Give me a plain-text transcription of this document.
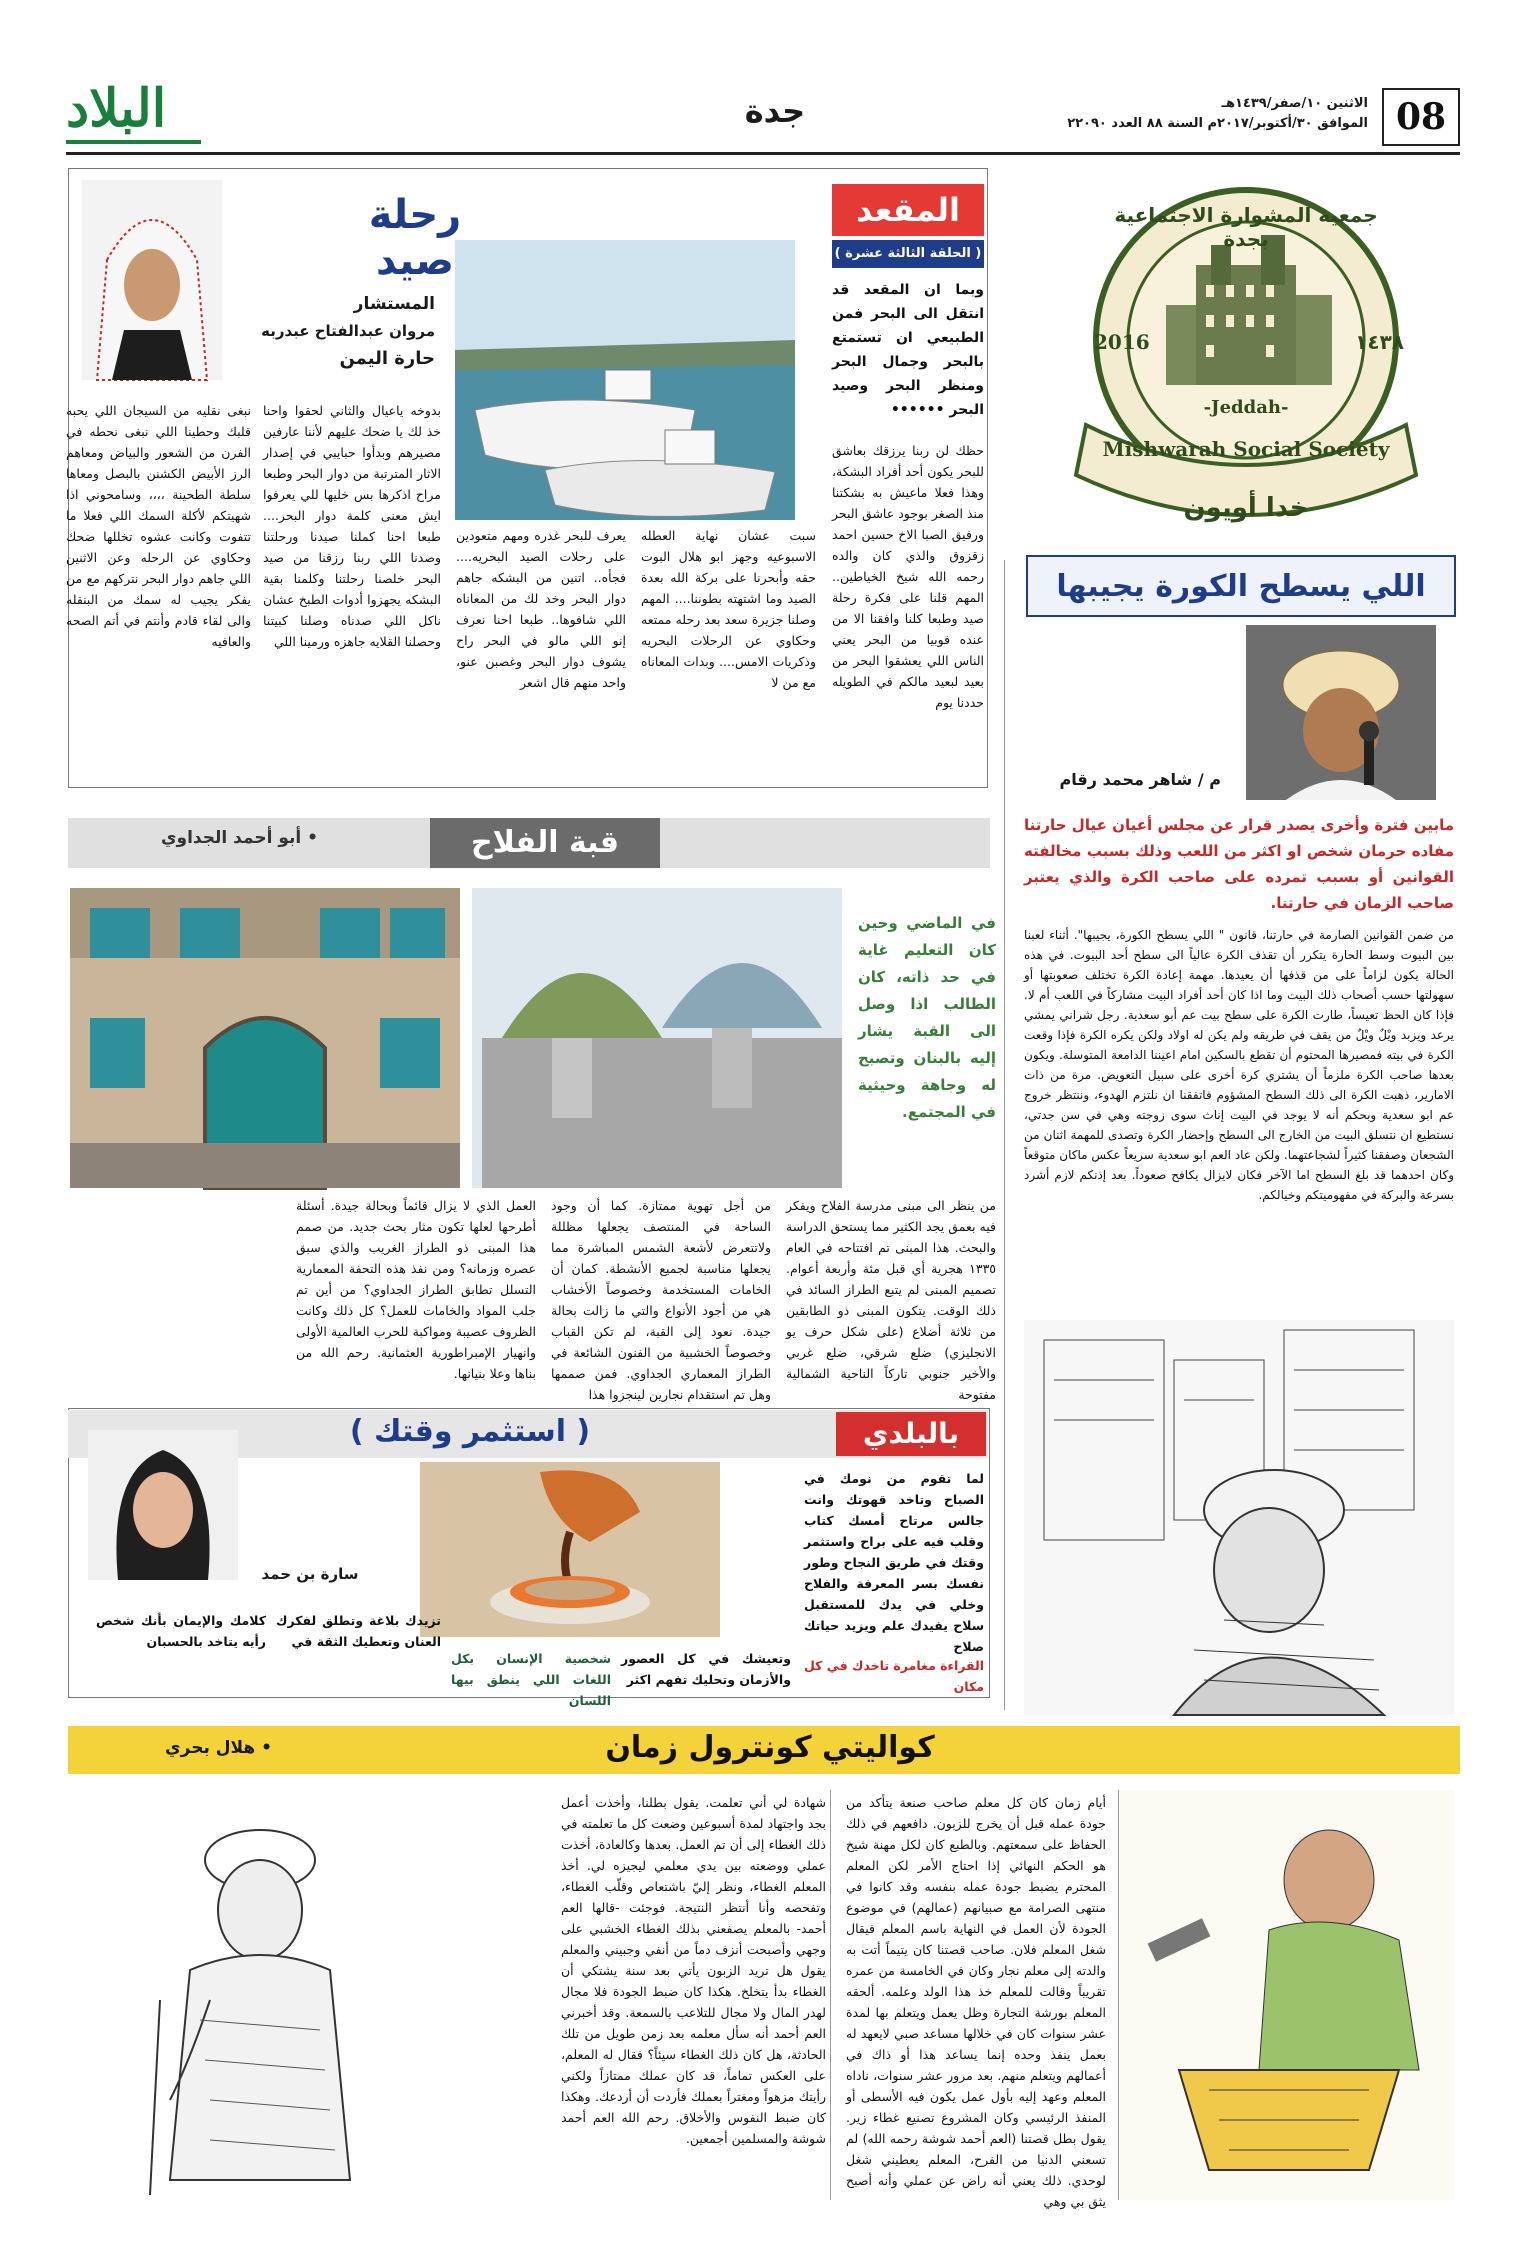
08
الاثنين ١٠/صفر/١٤٣٩هـ
الموافق ٣٠/أكتوبر/٢٠١٧م السنة ٨٨ العدد ٢٢٠٩٠
جدة
البلاد
جمعية المشوارة الاجتماعية بجدة
2016	١٤٣٨
-Jeddah-
Mishwarah Social Society
خدا أويون
المقعد
( الحلقة الثالثة عشرة )
وبما ان المقعد قد انتقل الى البحر فمن الطبيعي ان تستمتع بالبحر وجمال البحر ومنظر البحر وصيد البحر ••••••
حظك لن ربنا يرزقك بعاشق للبحر يكون أحد أفراد البشكة، وهذا فعلا ماعيش به بشكتنا منذ الصغر بوجود عاشق البحر ورفيق الصبا الاخ حسين احمد زقزوق والذي كان والده رحمه الله شيخ الخياطين.. المهم قلنا على فكرة رحلة صيد وطبعا كلنا وافقنا الا من عنده فوبيا من البحر يعني الناس اللي يعشقوا البحر من بعيد لبعيد مالكم في الطويله حددنا يوم
رحلة صيد
المستشار
مروان عبدالفتاح عبدربه
حارة اليمن
سبت عشان نهاية العطله الاسبوعيه وجهز ابو هلال البوت حقه وأبحرنا على بركة الله بعدة الصيد وما اشتهته بطوننا.... المهم وصلنا جزيرة سعد بعد رحله ممتعه وحكاوي عن الرحلات البحريه وذكريات الامس.... وبدات المعاناه مع من لا
يعرف للبحر غدره ومهم متعودين على رحلات الصيد البحريه.... فجأه.. اتنين من البشكه جاهم دوار البحر وخد لك من المعاناه اللي شافوها.. طبعا احنا نعرف إنو اللي مالو في البحر راح يشوف دوار البحر وغصبن عنو، واحد منهم قال اشعر
بدوخه ياعيال والثاني لحقوا واحنا خذ لك يا ضحك عليهم لأننا عارفين مصيرهم وبدأوا حبايبي في إصدار الاثار المترتبة من دوار البحر وطبعا مراح اذكرها بس خليها للي يعرفوا ايش معنى كلمة دوار البحر.... طبعا احنا كملنا صيدنا ورحلتنا وصدنا اللي ربنا رزقنا من صيد البحر خلصنا رحلتنا وكلمنا بقية البشكه يجهزوا أدوات الطبخ عشان ناكل اللي صدناه وصلنا كبيتنا وحصلنا القلايه جاهزه ورمينا اللي
نبغى نقليه من السيجان اللي يحبه قلبك وحطينا اللي نبغى نحطه في الفرن من الشعور والبياض ومعاهم الرز الأبيض الكشنن بالبصل ومعاها سلطة الطحينة ،،،، وسامحوني اذا شهيتكم لأكلة السمك اللي فعلا ما تتفوت وكانت عشوه تخللها ضحك وحكاوي عن الرحله وعن الاثنين اللي جاهم دوار البحر نتركهم مع من يفكر يجيب له سمك من البنقله والى لقاء قادم وأنتم في أتم الصحه والعافيه
اللي يسطح الكورة يجيبها
م / شاهر محمد رقام
مابين فترة وأخرى يصدر قرار عن مجلس أعيان عيال حارتنا مفاده حرمان شخص او اكثر من اللعب وذلك بسبب مخالفته القوانين أو بسبب تمرده على صاحب الكرة والذي يعتبر صاحب الزمان في حارتنا.
من ضمن القوانين الصارمة في حارتنا، قانون " اللي يسطح الكورة، يجيبها". أثناء لعبنا بين البيوت وسط الحارة يتكرر أن تقذف الكرة عالياً الى سطح أحد البيوت. في هذه الحالة يكون لزاماً على من قذفها أن يعيدها. مهمة إعادة الكرة تختلف صعوبتها أو سهولتها حسب أصحاب ذلك البيت وما اذا كان أحد أفراد البيت مشاركاً في اللعب أم لا. فإذا كان الحظ تعيساً، طارت الكرة على سطح بيت عم أبو سعدية. رجل شراني يمشي يرعد ويزبد ويْلٌ ويْلٌ من يقف في طريقه ولم يكن له اولاد ولكن يكره الكرة فإذا وقعت الكرة في بيته فمصيرها المحتوم أن تقطع بالسكين امام اعيننا الدامعة المتوسلة. ويكون بعدها صاحب الكرة ملزماً أن يشتري كرة أخرى على سبيل التعويض. مرة من ذات الامارير، ذهبت الكرة الى ذلك السطح المشؤوم فاتفقنا ان نلتزم الهدوء، وننتظر خروج عم ابو سعدية وبحكم أنه لا يوجد في البيت إناث سوى زوجته وهي في سن جدتي، نستطيع ان نتسلق البيت من الخارج الى السطح وإحضار الكرة وتصدى للمهمة اثنان من الشجعان وصفقنا كثيراً لشجاعتهما. ولكن عاد العم ابو سعدية سريعاً عكس ماكان متوقعاً وكان احدهما قد بلغ السطح اما الآخر فكان لايزال يكافح صعوداً. بعد إذنكم لازم أشرد بسرعة والبركة في مفهوميتكم وخيالكم.
قبة الفلاح
• أبو أحمد الجداوي
في الماضي وحين كان التعليم غاية في حد ذاته، كان الطالب اذا وصل الى القبة يشار إليه بالبنان وتصبح له وجاهة وحيثية في المجتمع.
من ينظر الى مبنى مدرسة الفلاح ويفكر فيه بعمق يجد الكثير مما يستحق الدراسة والبحث. هذا المبنى تم افتتاحه في العام ١٣٣٥ هجرية أي قبل مئة وأربعة أعوام. تصميم المبنى لم يتبع الطراز السائد في ذلك الوقت. يتكون المبنى ذو الطابقين من ثلاثة أضلاع (على شكل حرف يو الانجليزي) ضلع شرقي، ضلع غربي والأخير جنوبي تاركاً الناحية الشمالية مفتوحة
من أجل تهوية ممتازة. كما أن وجود الساحة في المنتصف يجعلها مظللة ولاتتعرض لأشعة الشمس المباشرة مما يجعلها مناسبة لجميع الأنشطة. كمان أن الخامات المستخدمة وخصوصاً الأخشاب هي من أجود الأنواع والتي ما زالت بحالة جيدة. نعود إلى القبة، لم تكن القباب وخصوصاً الخشبية من الفنون الشائعة في الطراز المعماري الجداوي. فمن صممها وهل تم استقدام نجارين لينجزوا هذا
العمل الذي لا يزال قائماً وبحالة جيدة. أسئلة أطرحها لعلها تكون مثار بحث جديد. من صمم هذا المبنى ذو الطراز الغريب والذي سبق عصره وزمانه؟ ومن نفذ هذه التحفة المعمارية التسلل تطابق الطراز الجداوي؟ من أين تم جلب المواد والخامات للعمل؟ كل ذلك وكانت الظروف عصيبة ومواكبة للحرب العالمية الأولى وانهيار الإمبراطورية العثمانية. رحم الله من بناها وعلا بنيانها.
بالبلدي
( استثمر وقتك )
لما تقوم من نومك في الصباح وتاخد قهوتك وانت جالس مرتاح أمسك كتاب وقلب فيه على براح واستثمر وقتك في طريق النجاح وطور نفسك بسر المعرفة والفلاح وخلي في يدك للمستقبل سلاح يفيدك علم ويزيد حياتك صلاح
سارة بن حمد
القراءة مغامرة تاخدك في كل مكان
وتعيشك في كل العصور والأزمان وتحليك تفهم اكثر
شخصية الإنسان بكل اللغات اللي ينطق بيها اللسان
تزيدك بلاغة وتطلق لفكرك العنان وتعطيك الثقة في
كلامك والإيمان بأنك شخص رأيه يتاخد بالحسبان
كواليتي كونترول زمان
• هلال بحري
أيام زمان كان كل معلم صاحب صنعة يتأكد من جودة عمله قبل أن يخرج للزبون. دافعهم في ذلك الحفاظ على سمعتهم. وبالطبع كان لكل مهنة شيخ هو الحكم النهائي إذا احتاج الأمر لكن المعلم المحترم يضبط جودة عمله بنفسه وقد كانوا في منتهى الصرامة مع صبيانهم (عمالهم) في موضوع الجودة لأن العمل في النهاية باسم المعلم فيقال شغل المعلم فلان. صاحب قصتنا كان يتيماً أتت به والدته إلى معلم نجار وكان في الخامسة من عمره تقريباً وقالت للمعلم خذ هذا الولد وعلمه. ألحقه المعلم بورشة التجارة وظل يعمل ويتعلم بها لمدة عشر سنوات كان في خلالها مساعد صبي لايعهد له بعمل ينفذ وحده إنما يساعد هذا أو ذاك في أعمالهم ويتعلم منهم. بعد مرور عشر سنوات، ناداه المعلم وعهد إليه بأول عمل يكون فيه الأسطى أو المنفذ الرئيسي وكان المشروع تصنيع غطاء زير. يقول بطل قصتنا (العم أحمد شوشة رحمه الله) لم تسعني الدنيا من الفرح، المعلم يعطيني شغل لوحدي. ذلك يعني أنه راض عن عملي وأنه أصبح يثق بي وهي
شهادة لي أني تعلمت. يقول بطلنا، وأخذت أعمل بجد واجتهاد لمدة أسبوعين وضعت كل ما تعلمته في ذلك الغطاء إلى أن تم العمل. بعدها وكالعادة، أخذت عملي ووضعته بين يدي معلمي ليجيزه لي. أخذ المعلم الغطاء، ونظر إليّ باشتعاص وقلّب الغطاء، وتفحصه وأنا أنتظر النتيجة. فوجئت -قالها العم أحمد- بالمعلم يصفعني بذلك الغطاء الخشبي على وجهي وأصبحت أنزف دماً من أنفي وجبيني والمعلم يقول هل تريد الزبون يأتي بعد سنة يشتكي أن الغطاء بدأ يتخلخ. هكذا كان ضبط الجودة فلا مجال لهدر المال ولا مجال للتلاعب بالسمعة. وقد أخبرني العم أحمد أنه سأل معلمه بعد زمن طويل من تلك الحادثة، هل كان ذلك الغطاء سيئاً؟ فقال له المعلم، على العكس تماماً، قد كان عملك ممتازاً ولكني رأيتك مزهواً ومغتراً بعملك فأردت أن أردعك. وهكذا كان ضبط النفوس والأخلاق. رحم الله العم أحمد شوشة والمسلمين أجمعين.
